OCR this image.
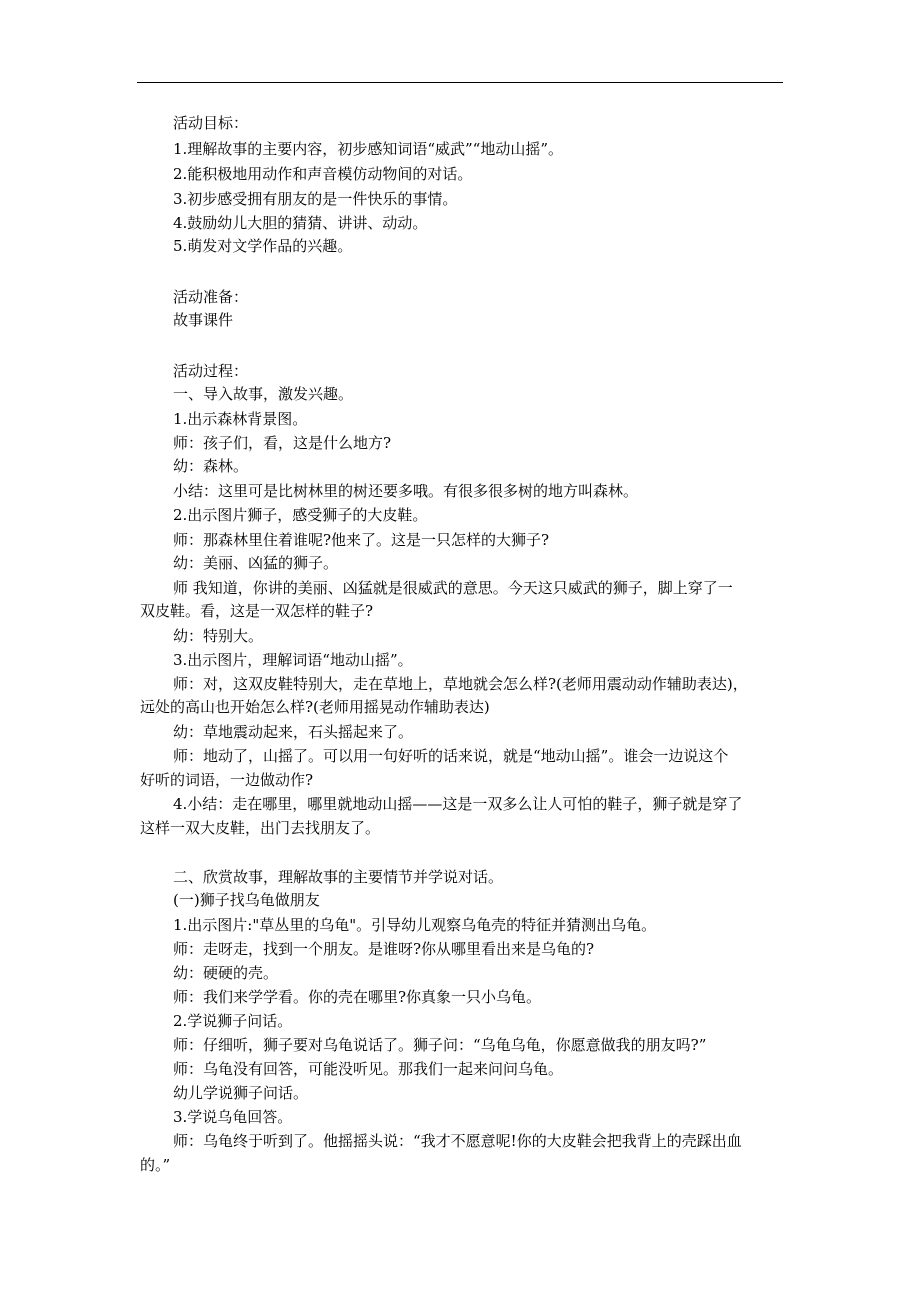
活动目标：
1.理解故事的主要内容，初步感知词语“威武”“地动山摇”。
2.能积极地用动作和声音模仿动物间的对话。
3.初步感受拥有朋友的是一件快乐的事情。
4.鼓励幼儿大胆的猜猜、讲讲、动动。
5.萌发对文学作品的兴趣。
活动准备：
故事课件
活动过程：
一、导入故事，激发兴趣。
1.出示森林背景图。
师：孩子们，看，这是什么地方?
幼：森林。
小结：这里可是比树林里的树还要多哦。有很多很多树的地方叫森林。
2.出示图片狮子，感受狮子的大皮鞋。
师：那森林里住着谁呢?他来了。这是一只怎样的大狮子?
幼：美丽、凶猛的狮子。
师 我知道，你讲的美丽、凶猛就是很威武的意思。今天这只威武的狮子，脚上穿了一
双皮鞋。看，这是一双怎样的鞋子?
幼：特别大。
3.出示图片，理解词语“地动山摇”。
师：对，这双皮鞋特别大，走在草地上，草地就会怎么样?(老师用震动动作辅助表达)，
远处的高山也开始怎么样?(老师用摇晃动作辅助表达)
幼：草地震动起来，石头摇起来了。
师：地动了，山摇了。可以用一句好听的话来说，就是“地动山摇”。谁会一边说这个
好听的词语，一边做动作?
4.小结：走在哪里，哪里就地动山摇——这是一双多么让人可怕的鞋子，狮子就是穿了
这样一双大皮鞋，出门去找朋友了。
二、欣赏故事，理解故事的主要情节并学说对话。
(一)狮子找乌龟做朋友
1.出示图片:"草丛里的乌龟"。引导幼儿观察乌龟壳的特征并猜测出乌龟。
师：走呀走，找到一个朋友。是谁呀?你从哪里看出来是乌龟的?
幼：硬硬的壳。
师：我们来学学看。你的壳在哪里?你真象一只小乌龟。
2.学说狮子问话。
师：仔细听，狮子要对乌龟说话了。狮子问：“乌龟乌龟，你愿意做我的朋友吗?”
师：乌龟没有回答，可能没听见。那我们一起来问问乌龟。
幼儿学说狮子问话。
3.学说乌龟回答。
师：乌龟终于听到了。他摇摇头说：“我才不愿意呢!你的大皮鞋会把我背上的壳踩出血
的。”
